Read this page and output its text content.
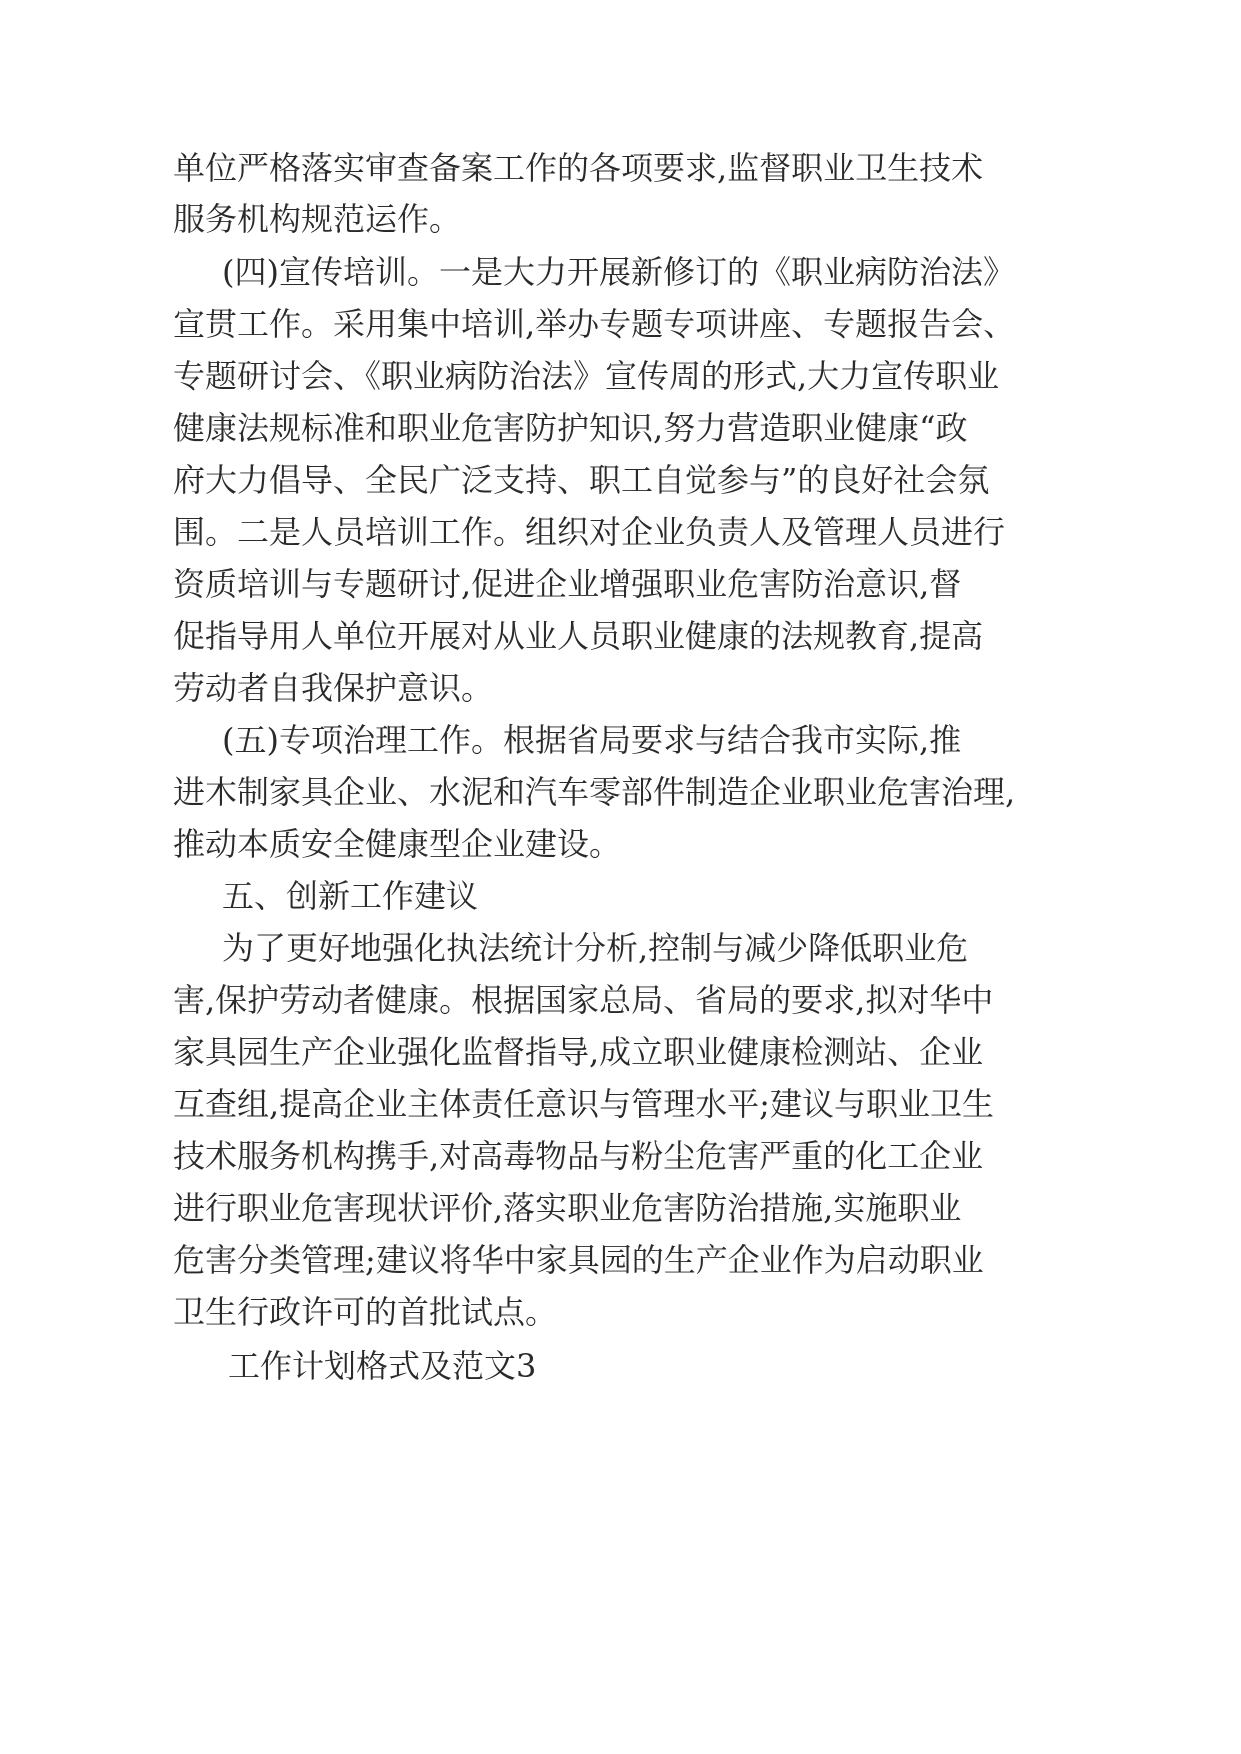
单位严格落实审查备案工作的各项要求,监督职业卫生技术
服务机构规范运作。
(四)宣传培训。一是大力开展新修订的《职业病防治法》
宣贯工作。采用集中培训,举办专题专项讲座、专题报告会、
专题研讨会、《职业病防治法》宣传周的形式,大力宣传职业
健康法规标准和职业危害防护知识,努力营造职业健康“政
府大力倡导、全民广泛支持、职工自觉参与”的良好社会氛
围。二是人员培训工作。组织对企业负责人及管理人员进行
资质培训与专题研讨,促进企业增强职业危害防治意识,督
促指导用人单位开展对从业人员职业健康的法规教育,提高
劳动者自我保护意识。
(五)专项治理工作。根据省局要求与结合我市实际,推
进木制家具企业、水泥和汽车零部件制造企业职业危害治理,
推动本质安全健康型企业建设。
五、创新工作建议
为了更好地强化执法统计分析,控制与减少降低职业危
害,保护劳动者健康。根据国家总局、省局的要求,拟对华中
家具园生产企业强化监督指导,成立职业健康检测站、企业
互查组,提高企业主体责任意识与管理水平;建议与职业卫生
技术服务机构携手,对高毒物品与粉尘危害严重的化工企业
进行职业危害现状评价,落实职业危害防治措施,实施职业
危害分类管理;建议将华中家具园的生产企业作为启动职业
卫生行政许可的首批试点。
工作计划格式及范文3
